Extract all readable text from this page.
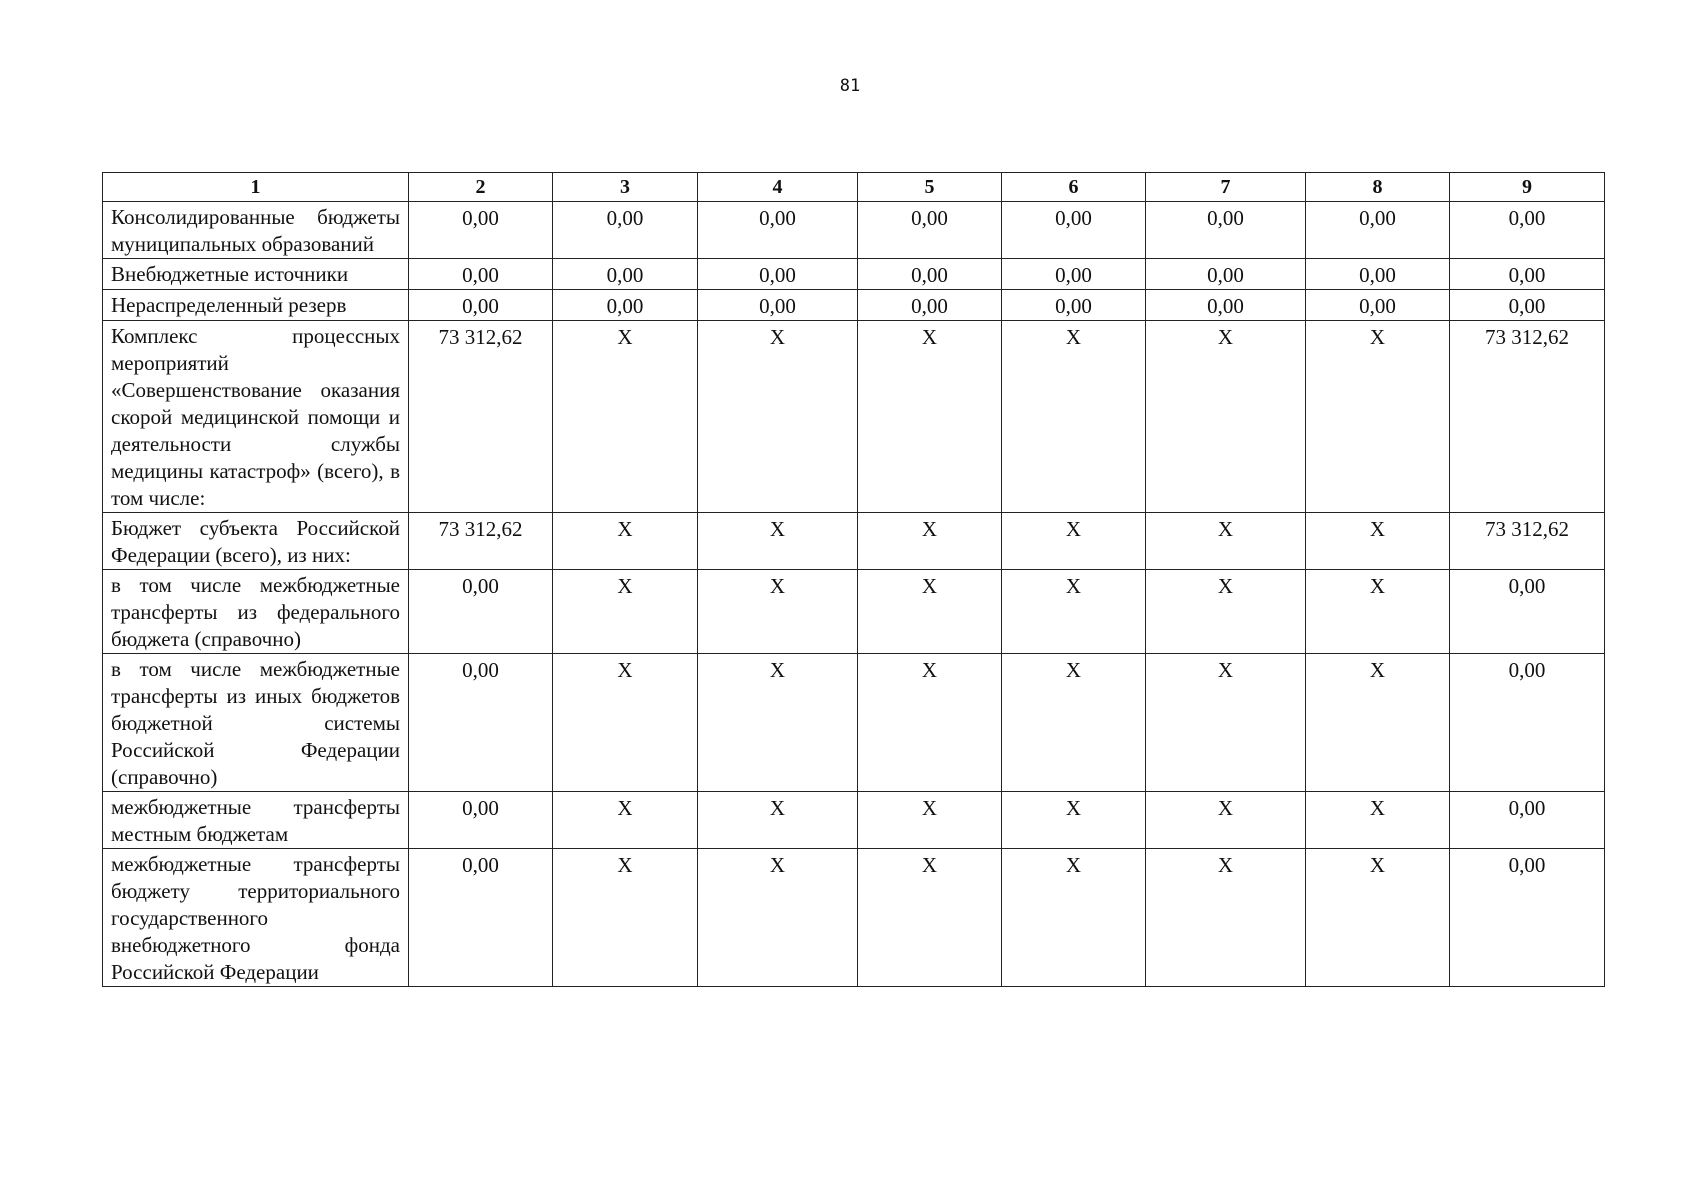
81
1	2	3	4	5	6	7	8	9
Консолидированные бюджеты муниципальных образований	0,00	0,00	0,00	0,00	0,00	0,00	0,00	0,00
Внебюджетные источники	0,00	0,00	0,00	0,00	0,00	0,00	0,00	0,00
Нераспределенный резерв	0,00	0,00	0,00	0,00	0,00	0,00	0,00	0,00
Комплекс процессных мероприятий «Совершенствование оказания скорой медицинской помощи и деятельности службы медицины катастроф» (всего), в том числе:	73 312,62	X	X	X	X	X	X	73 312,62
Бюджет субъекта Российской Федерации (всего), из них:	73 312,62	X	X	X	X	X	X	73 312,62
в том числе межбюджетные трансферты из федерального бюджета (справочно)	0,00	X	X	X	X	X	X	0,00
в том числе межбюджетные трансферты из иных бюджетов бюджетной системы Российской Федерации (справочно)	0,00	X	X	X	X	X	X	0,00
межбюджетные трансферты местным бюджетам	0,00	X	X	X	X	X	X	0,00
межбюджетные трансферты бюджету территориального государственного внебюджетного фонда Российской Федерации	0,00	X	X	X	X	X	X	0,00
